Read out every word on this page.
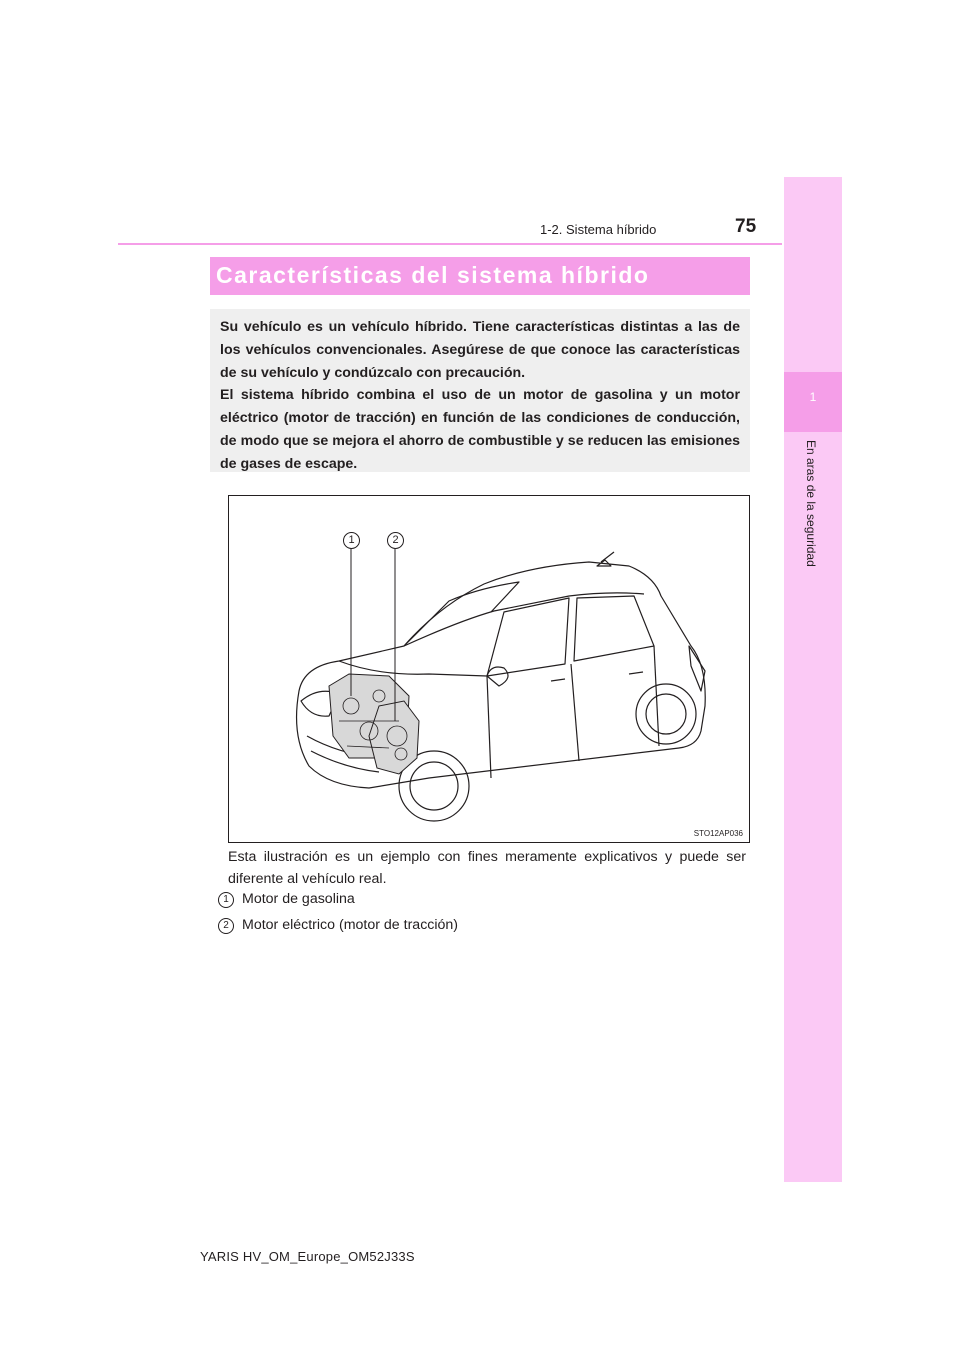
1
En aras de la seguridad
1-2. Sistema híbrido	75
Características del sistema híbrido

Su vehículo es un vehículo híbrido. Tiene características distintas a las de los vehículos convencionales. Asegúrese de que conoce las características de su vehículo y condúzcalo con precaución.

El sistema híbrido combina el uso de un motor de gasolina y un motor eléctrico (motor de tracción) en función de las condiciones de conducción, de modo que se mejora el ahorro de combustible y se reducen las emisiones de gases de escape.

1	2
STO12AP036

Esta ilustración es un ejemplo con fines meramente explicativos y puede ser diferente al vehículo real.

1 Motor de gasolina
2 Motor eléctrico (motor de tracción)
YARIS HV_OM_Europe_OM52J33S
